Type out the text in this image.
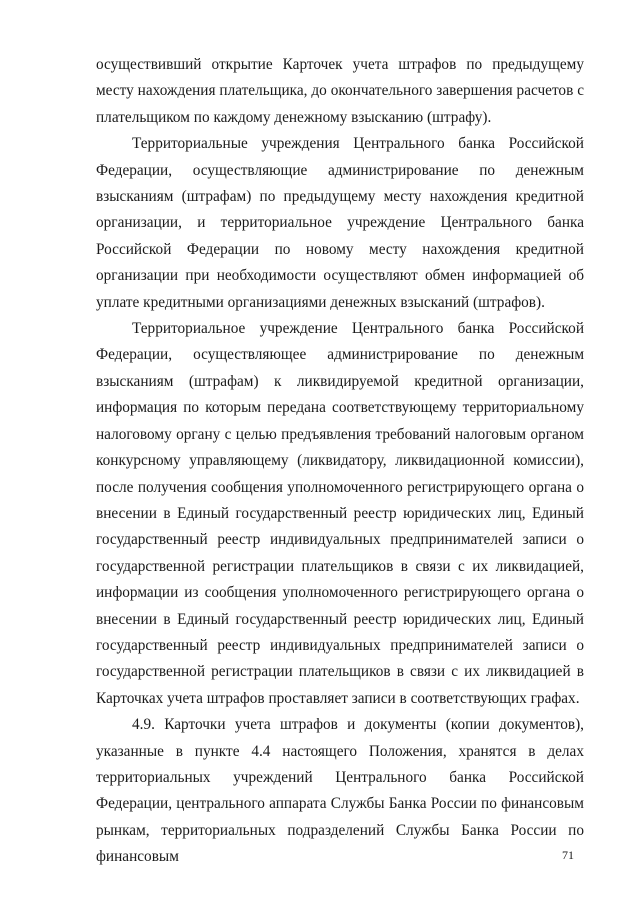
осуществивший открытие Карточек учета штрафов по предыдущему месту нахождения плательщика, до окончательного завершения расчетов с плательщиком по каждому денежному взысканию (штрафу).

Территориальные учреждения Центрального банка Российской Федерации, осуществляющие администрирование по денежным взысканиям (штрафам) по предыдущему месту нахождения кредитной организации, и территориальное учреждение Центрального банка Российской Федерации по новому месту нахождения кредитной организации при необходимости осуществляют обмен информацией об уплате кредитными организациями денежных взысканий (штрафов).

Территориальное учреждение Центрального банка Российской Федерации, осуществляющее администрирование по денежным взысканиям (штрафам) к ликвидируемой кредитной организации, информация по которым передана соответствующему территориальному налоговому органу с целью предъявления требований налоговым органом конкурсному управляющему (ликвидатору, ликвидационной комиссии), после получения сообщения уполномоченного регистрирующего органа о внесении в Единый государственный реестр юридических лиц, Единый государственный реестр индивидуальных предпринимателей записи о государственной регистрации плательщиков в связи с их ликвидацией, информации из сообщения уполномоченного регистрирующего органа о внесении в Единый государственный реестр юридических лиц, Единый государственный реестр индивидуальных предпринимателей записи о государственной регистрации плательщиков в связи с их ликвидацией в Карточках учета штрафов проставляет записи в соответствующих графах.

4.9. Карточки учета штрафов и документы (копии документов), указанные в пункте 4.4 настоящего Положения, хранятся в делах территориальных учреждений Центрального банка Российской Федерации, центрального аппарата Службы Банка России по финансовым рынкам, территориальных подразделений Службы Банка России по финансовым	71
